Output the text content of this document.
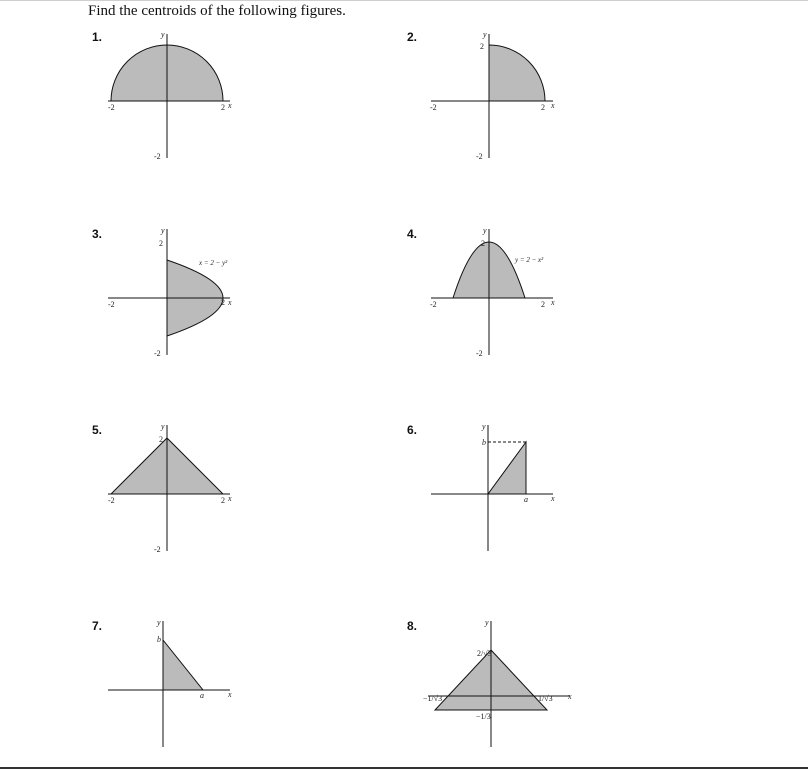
Find the centroids of the following figures.
1.
x
y
-2	2
-2
2.
x
y
-2	2
2
-2
3.
x
y
x = 2 − y²
-2	2
2
-2
4.
x
y
y = 2 − x²
-2	2
2
-2
5.
x
y
-2	2
2
-2
6.
x
y
b
a
7.
x
y
b
a
8.
x
y
2/√3
−1/3
−1/√3	1/√3
